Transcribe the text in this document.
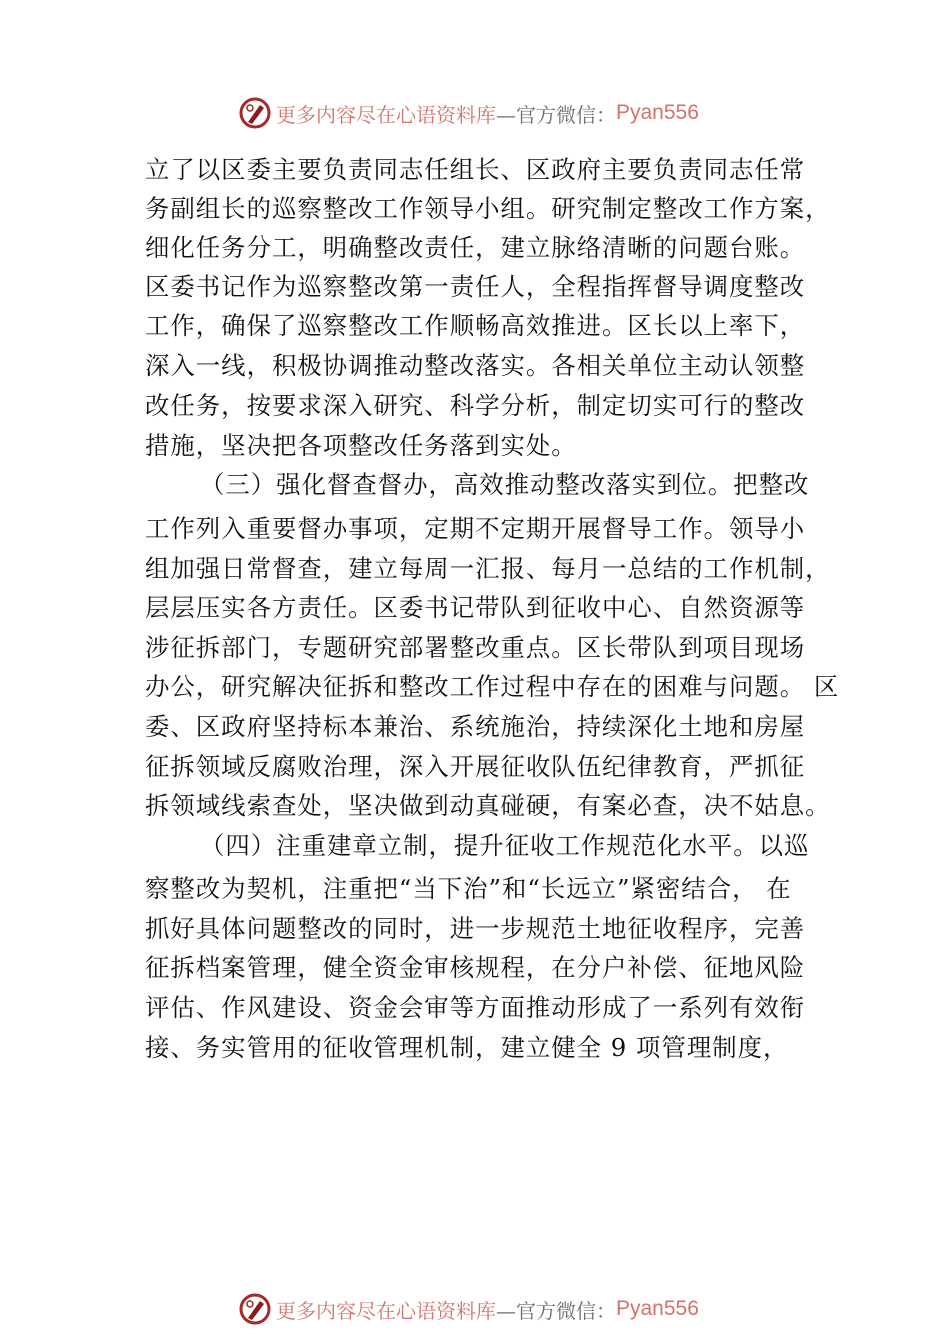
更多内容尽在心语资料库 —官方微信： Pyan556
立了以区委主要负责同志任组长、区政府主要负责同志任常
务副组长的巡察整改工作领导小组。研究制定整改工作方案，
细化任务分工，明确整改责任，建立脉络清晰的问题台账。
区委书记作为巡察整改第一责任人，全程指挥督导调度整改
工作，确保了巡察整改工作顺畅高效推进。区长以上率下，
深入一线，积极协调推动整改落实。各相关单位主动认领整
改任务，按要求深入研究、科学分析，制定切实可行的整改
措施，坚决把各项整改任务落到实处。
（三）强化督查督办，高效推动整改落实到位。把整改
工作列入重要督办事项，定期不定期开展督导工作。领导小
组加强日常督查，建立每周一汇报、每月一总结的工作机制，
层层压实各方责任。区委书记带队到征收中心、自然资源等
涉征拆部门，专题研究部署整改重点。区长带队到项目现场
办公，研究解决征拆和整改工作过程中存在的困难与问题。 区
委、区政府坚持标本兼治、系统施治，持续深化土地和房屋
征拆领域反腐败治理，深入开展征收队伍纪律教育，严抓征
拆领域线索查处，坚决做到动真碰硬，有案必查，决不姑息。
（四）注重建章立制，提升征收工作规范化水平。以巡
察整改为契机，注重把“当下治”和“长远立”紧密结合， 在
抓好具体问题整改的同时，进一步规范土地征收程序，完善
征拆档案管理，健全资金审核规程，在分户补偿、征地风险
评估、作风建设、资金会审等方面推动形成了一系列有效衔
接、务实管用的征收管理机制，建立健全 9 项管理制度，
更多内容尽在心语资料库 —官方微信： Pyan556
